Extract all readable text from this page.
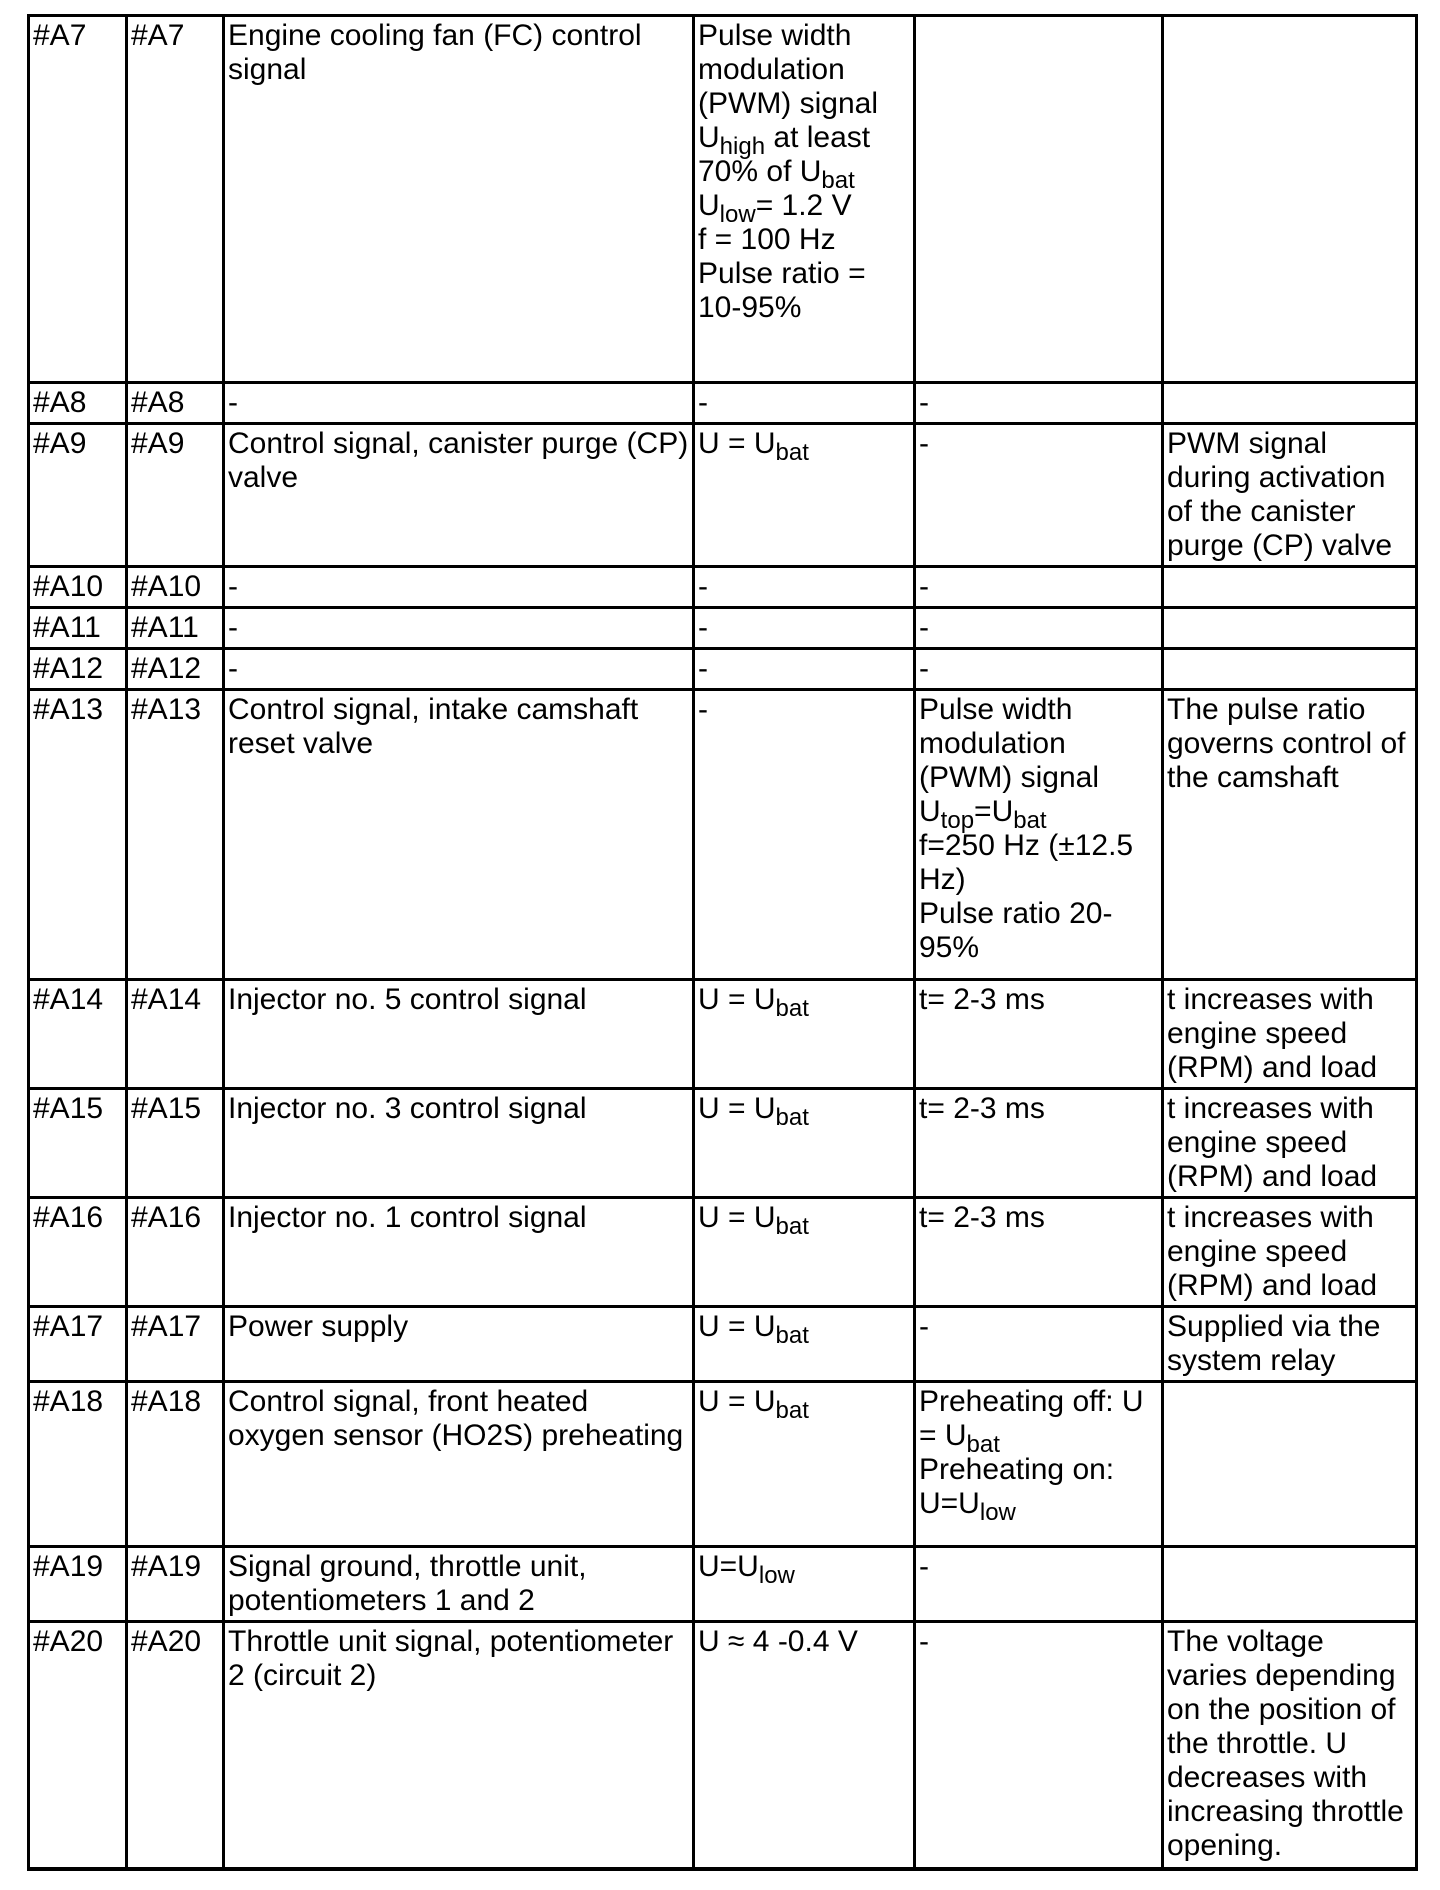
#A7	#A7	Engine cooling fan (FC) control signal	Pulse width modulation (PWM) signal
$U_{high}$ at least 70% of $U_{bat}$
$U_{low}= 1.2$ V
f = 100 Hz
Pulse ratio = 10-95%		

#A8	#A8	-	-	-	

#A9	#A9	Control signal, canister purge (CP) valve	$U = U_{bat}$	-	PWM signal during activation of the canister purge (CP) valve
#A10	#A10	-	-	-	

#A11	#A11	-	-	-	

#A12	#A12	-	-	-	

#A13	#A13	Control signal, intake camshaft reset valve	-	Pulse width modulation (PWM) signal
$U_{top}=U_{bat}$
f=250 Hz (±12.5 Hz)
Pulse ratio 20-95%	The pulse ratio governs control of the camshaft
#A14	#A14	Injector no. 5 control signal	$U = U_{bat}$	t= 2-3 ms	t increases with engine speed (RPM) and load
#A15	#A15	Injector no. 3 control signal	$U = U_{bat}$	t= 2-3 ms	t increases with engine speed (RPM) and load
#A16	#A16	Injector no. 1 control signal	$U = U_{bat}$	t= 2-3 ms	t increases with engine speed (RPM) and load
#A17	#A17	Power supply	$U = U_{bat}$	-	Supplied via the system relay
#A18	#A18	Control signal, front heated oxygen sensor (HO2S) preheating	$U = U_{bat}$	Preheating off: $U = U_{bat}$
Preheating on: $U=U_{low}$

#A19	#A19	Signal ground, throttle unit, potentiometers 1 and 2	$U=U_{low}$	-	

#A20	#A20	Throttle unit signal, potentiometer 2 (circuit 2)	U ≈ 4 -0.4 V	-	The voltage varies depending on the position of the throttle. U decreases with increasing throttle opening.
